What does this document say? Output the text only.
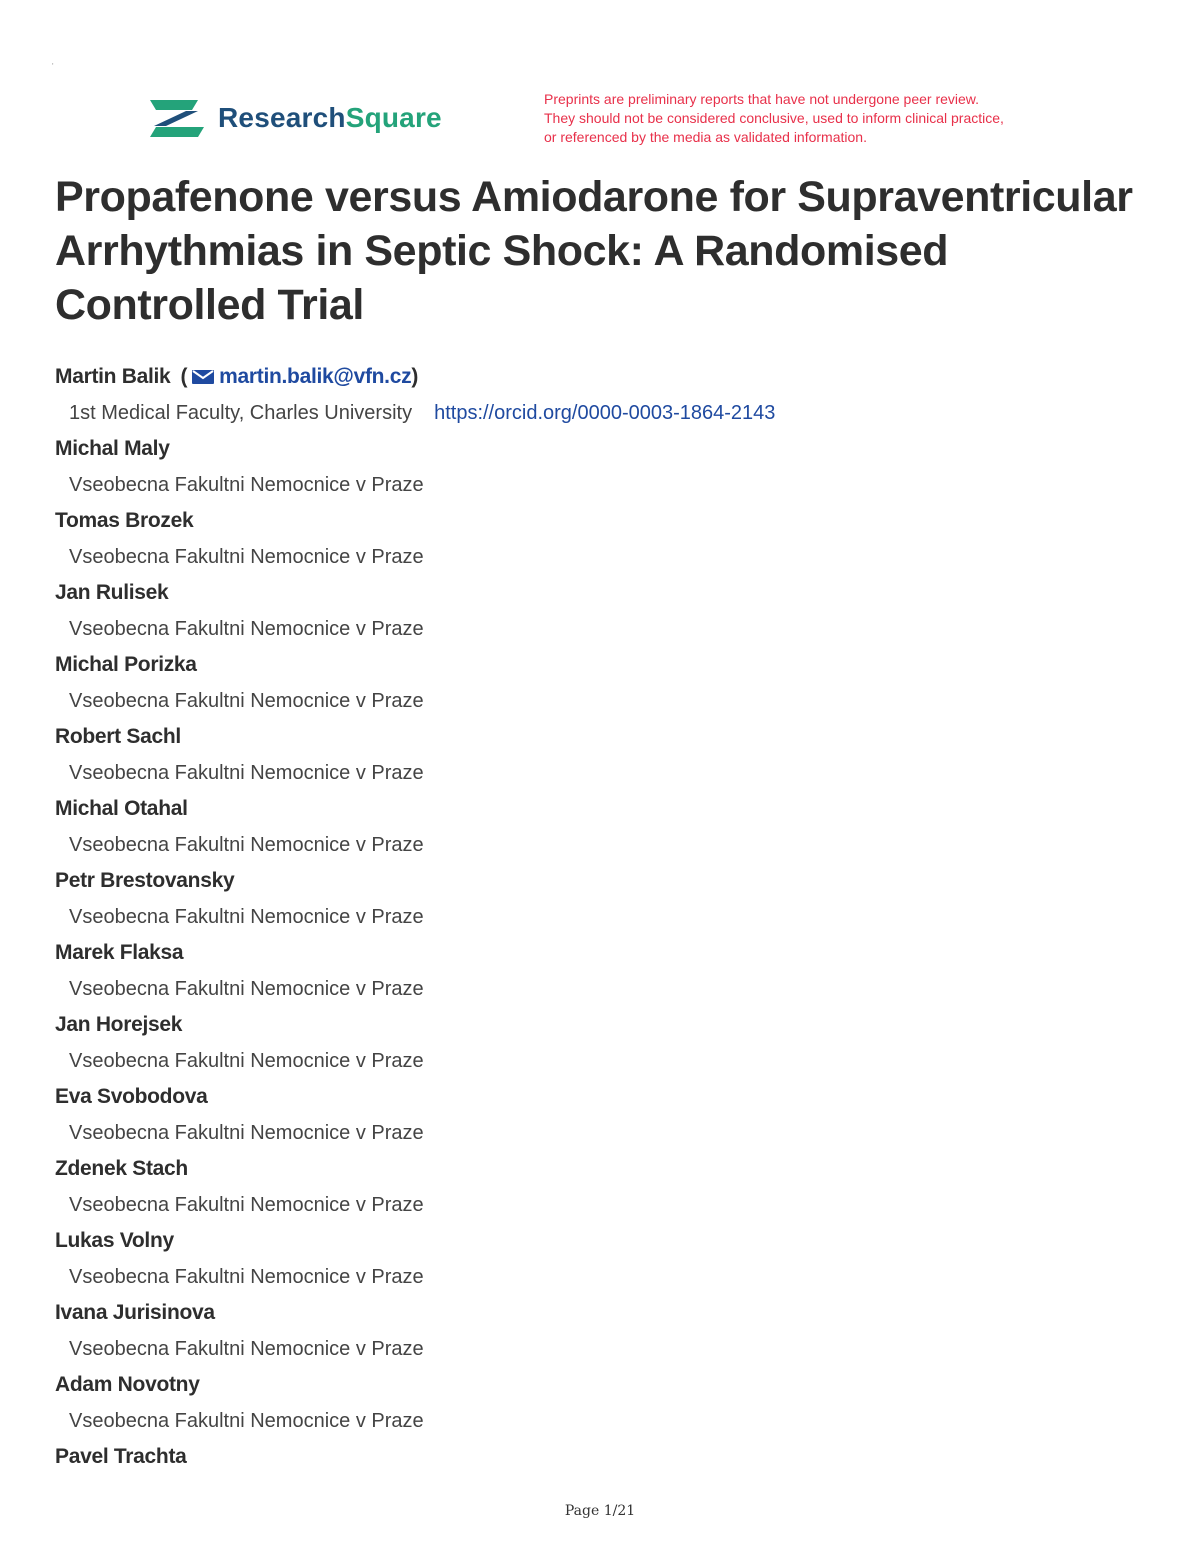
'
ResearchSquare
Preprints are preliminary reports that have not undergone peer review.
They should not be considered conclusive, used to inform clinical practice,
or referenced by the media as validated information.
Propafenone versus Amiodarone for Supraventricular Arrhythmias in Septic Shock: A Randomised Controlled Trial
Martin Balik ( martin.balik@vfn.cz )
1st Medical Faculty, Charles University https://orcid.org/0000-0003-1864-2143
Michal Maly
Vseobecna Fakultni Nemocnice v Praze
Tomas Brozek
Vseobecna Fakultni Nemocnice v Praze
Jan Rulisek
Vseobecna Fakultni Nemocnice v Praze
Michal Porizka
Vseobecna Fakultni Nemocnice v Praze
Robert Sachl
Vseobecna Fakultni Nemocnice v Praze
Michal Otahal
Vseobecna Fakultni Nemocnice v Praze
Petr Brestovansky
Vseobecna Fakultni Nemocnice v Praze
Marek Flaksa
Vseobecna Fakultni Nemocnice v Praze
Jan Horejsek
Vseobecna Fakultni Nemocnice v Praze
Eva Svobodova
Vseobecna Fakultni Nemocnice v Praze
Zdenek Stach
Vseobecna Fakultni Nemocnice v Praze
Lukas Volny
Vseobecna Fakultni Nemocnice v Praze
Ivana Jurisinova
Vseobecna Fakultni Nemocnice v Praze
Adam Novotny
Vseobecna Fakultni Nemocnice v Praze
Pavel Trachta
Page 1/21
